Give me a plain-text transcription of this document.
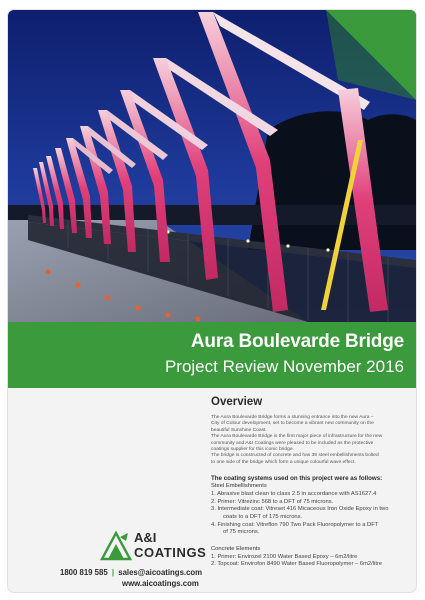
Aura Boulevarde Bridge
Project Review November 2016
A&I
COATINGS
1800 819 585 | sales@aicoatings.com
www.aicoatings.com
Overview
The Aura Boulevarde Bridge forms a stunning entrance into the new Aura –
City of Colour development, set to become a vibrant new community on the
beautiful Sunshine Coast.
The Aura Boulevarde Bridge is the first major piece of infrastructure for the new
community and A&I Coatings were pleased to be included as the protective
coatings supplier for this iconic bridge.
The bridge is constructed of concrete and has 39 steel embellishments bolted
to one side of the bridge which form a unique colourful wave effect.
The coating systems used on this project were as follows:
Steel Embellishments
1. Abrasive blast clean to class 2.5 in accordance with AS1627.4
2. Primer: Vitrezinc 568 to a DFT of 75 microns.
3. Intermediate coat: Vitreset 416 Micaceous Iron Oxide Epoxy in two
coats to a DFT of 175 microns.
4. Finishing coat: Vitreflon 790 Two Pack Fluoropolymer to a DFT
of 75 microns.
Concrete Elements
1. Primer: Envirozel 2100 Water Based Epoxy – 6m2/litre
2. Topcoat: Envirofon 8490 Water Based Fluoropolymer – 6m2/litre
